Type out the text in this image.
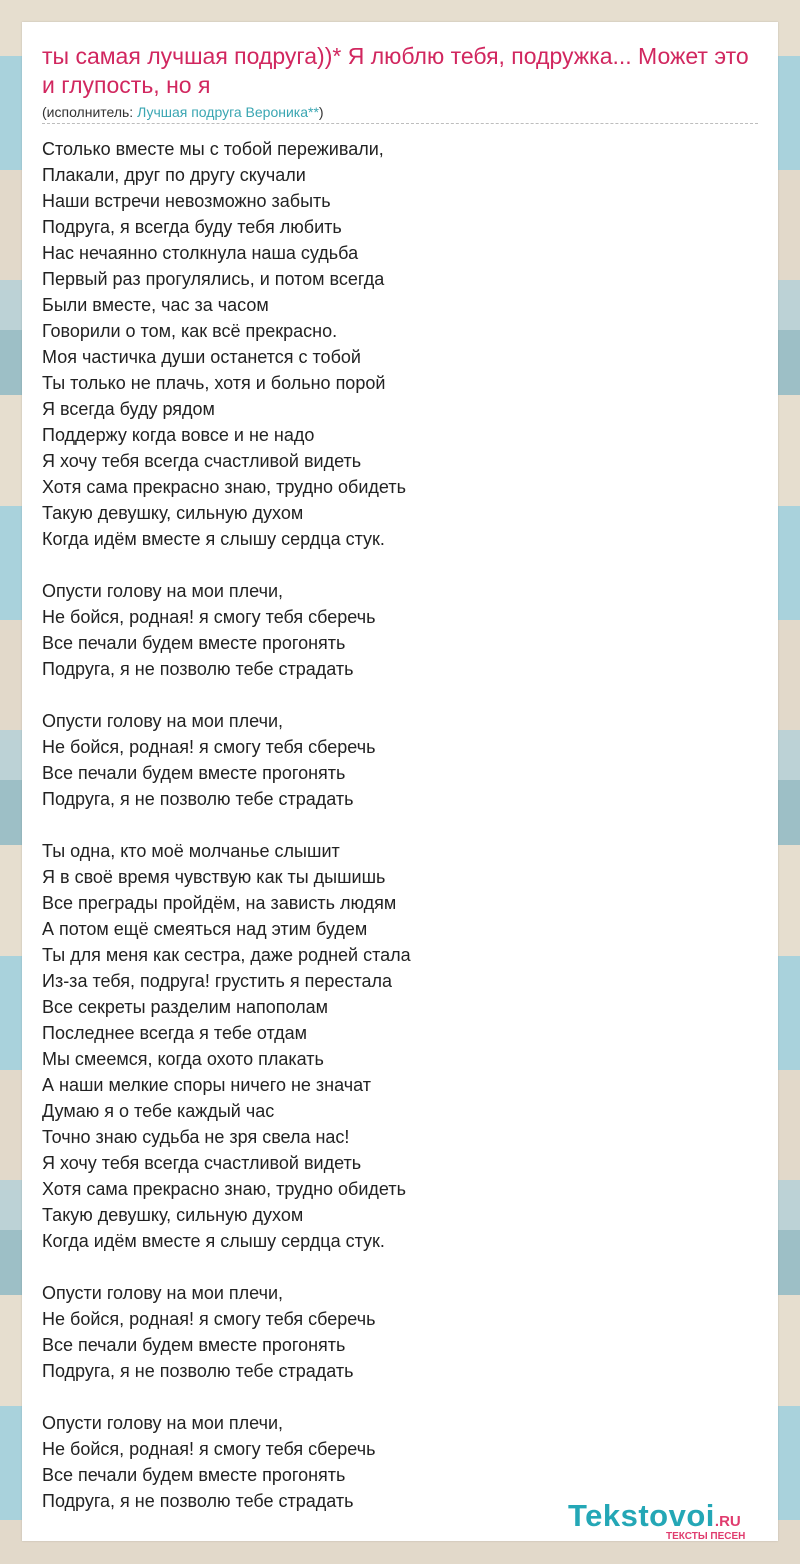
ты самая лучшая подруга))* Я люблю тебя, подружка... Может это и глупость, но я
(исполнитель: Лучшая подруга Вероника**)
Столько вместе мы с тобой переживали,
Плакали, друг по другу скучали
Наши встречи невозможно забыть
Подруга, я всегда буду тебя любить
Нас нечаянно столкнула наша судьба
Первый раз прогулялись, и потом всегда
Были вместе, час за часом
Говорили о том, как всё прекрасно.
Моя частичка души останется с тобой
Ты только не плачь, хотя и больно порой
Я всегда буду рядом
Поддержу когда вовсе и не надо
Я хочу тебя всегда счастливой видеть
Хотя сама прекрасно знаю, трудно обидеть
Такую девушку, сильную духом
Когда идём вместе я слышу сердца стук.
Опусти голову на мои плечи,
Не бойся, родная! я смогу тебя сберечь
Все печали будем вместе прогонять
Подруга, я не позволю тебе страдать
Опусти голову на мои плечи,
Не бойся, родная! я смогу тебя сберечь
Все печали будем вместе прогонять
Подруга, я не позволю тебе страдать
Ты одна, кто моё молчанье слышит
Я в своё время чувствую как ты дышишь
Все преграды пройдём, на зависть людям
А потом ещё смеяться над этим будем
Ты для меня как сестра, даже родней стала
Из-за тебя, подруга! грустить я перестала
Все секреты разделим напополам
Последнее всегда я тебе отдам
Мы смеемся, когда охото плакать
А наши мелкие споры ничего не значат
Думаю я о тебе каждый час
Точно знаю судьба не зря свела нас!
Я хочу тебя всегда счастливой видеть
Хотя сама прекрасно знаю, трудно обидеть
Такую девушку, сильную духом
Когда идём вместе я слышу сердца стук.
Опусти голову на мои плечи,
Не бойся, родная! я смогу тебя сберечь
Все печали будем вместе прогонять
Подруга, я не позволю тебе страдать
Опусти голову на мои плечи,
Не бойся, родная! я смогу тебя сберечь
Все печали будем вместе прогонять
Подруга, я не позволю тебе страдать	Tekstovoi.RU
ТЕКСТЫ ПЕСЕН
